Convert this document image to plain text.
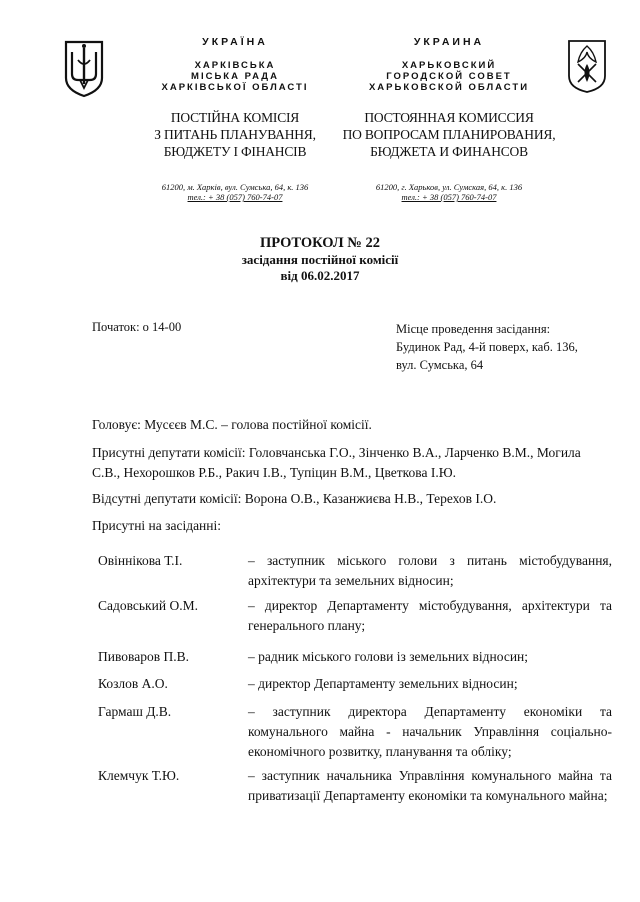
УКРАЇНА
ХАРКІВСЬКА
МІСЬКА РАДА
ХАРКІВСЬКОЇ ОБЛАСТІ
ПОСТІЙНА КОМІСІЯ
З ПИТАНЬ ПЛАНУВАННЯ,
БЮДЖЕТУ І ФІНАНСІВ
61200, м. Харків, вул. Сумська, 64, к. 136
тел.: + 38 (057) 760-74-07
УКРАИНА
ХАРЬКОВСКИЙ
ГОРОДСКОЙ СОВЕТ
ХАРЬКОВСКОЙ ОБЛАСТИ
ПОСТОЯННАЯ КОМИССИЯ
ПО ВОПРОСАМ ПЛАНИРОВАНИЯ,
БЮДЖЕТА И ФИНАНСОВ
61200, г. Харьков, ул. Сумская, 64, к. 136
тел.: + 38 (057) 760-74-07
ПРОТОКОЛ № 22
засідання постійної комісії
від 06.02.2017
Початок: о 14-00	Місце проведення засідання:
Будинок Рад, 4-й поверх, каб. 136,
вул. Сумська, 64
Головує: Мусєєв М.С. – голова постійної комісії.
Присутні депутати комісії: Головчанська Г.О., Зінченко В.А., Ларченко В.М., Могила С.В., Нехорошков Р.Б., Ракич І.В., Тупіцин В.М., Цветкова І.Ю.
Відсутні депутати комісії: Ворона О.В., Казанжиєва Н.В., Терехов І.О.
Присутні на засіданні:
Овіннікова Т.І.	– заступник міського голови з питань містобудування, архітектури та земельних відносин;
Садовський О.М.	– директор Департаменту містобудування, архітектури та генерального плану;
Пивоваров П.В.	– радник міського голови із земельних відносин;
Козлов А.О.	– директор Департаменту земельних відносин;
Гармаш Д.В.	– заступник директора Департаменту економіки та комунального майна - начальник Управління соціально-економічного розвитку, планування та обліку;
Клемчук Т.Ю.	– заступник начальника Управління комунального майна та приватизації Департаменту економіки та комунального майна;
